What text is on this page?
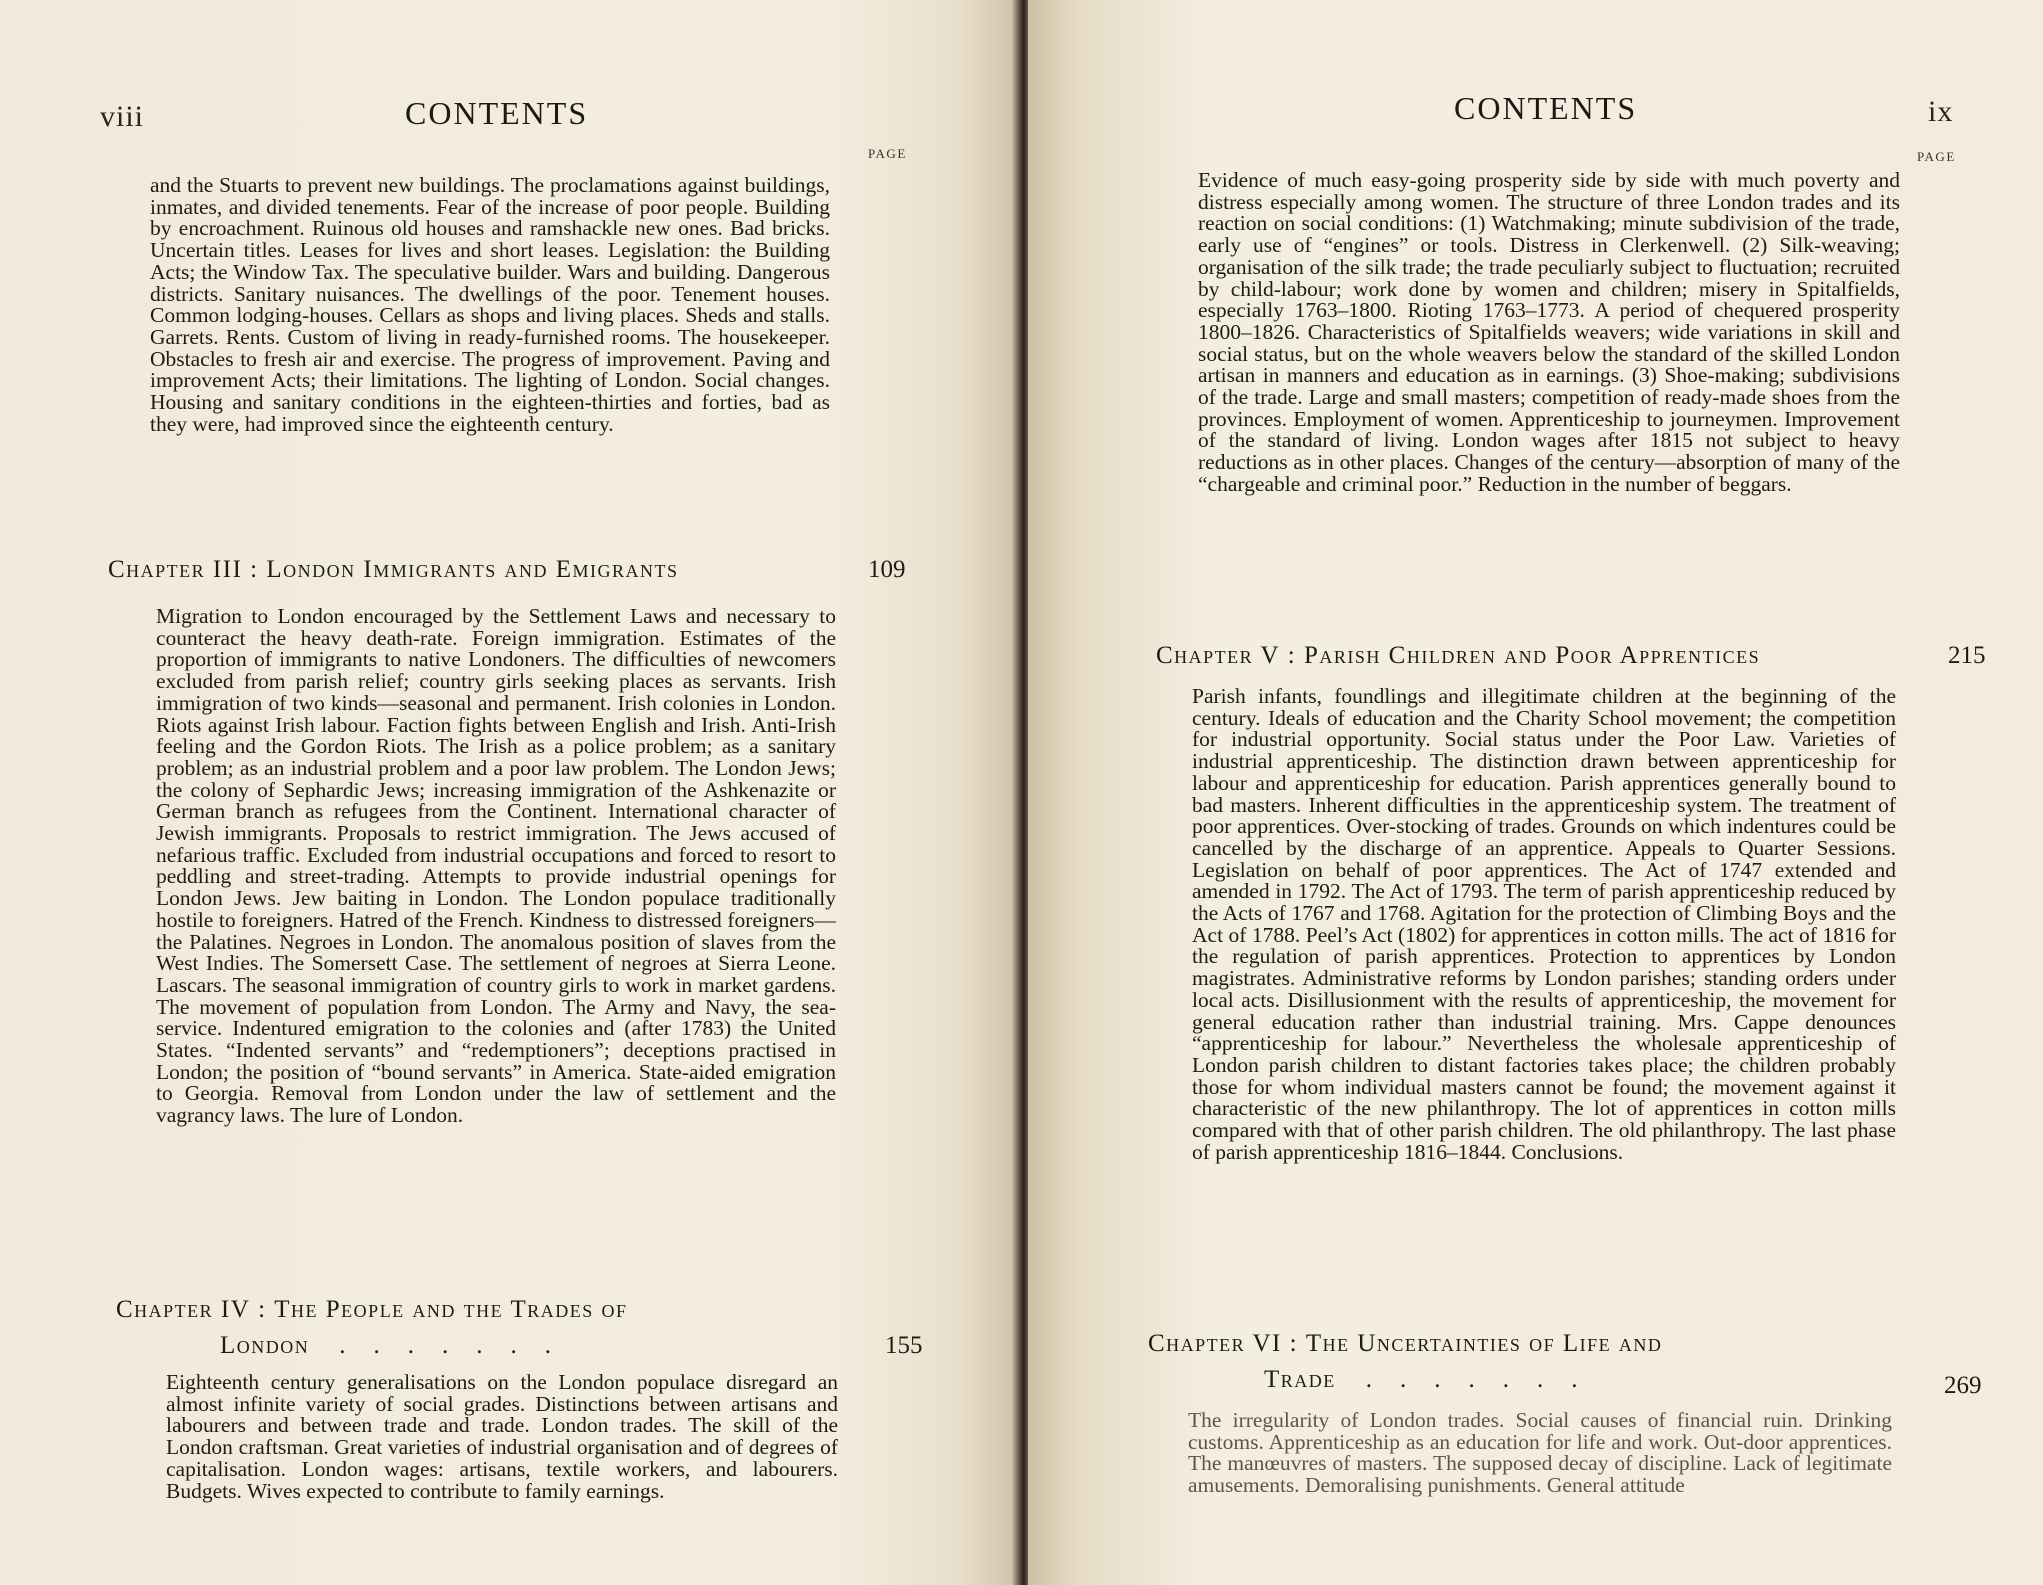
viii	CONTENTS
PAGE

and the Stuarts to prevent new buildings. The proclamations against buildings, inmates, and divided tenements. Fear of the increase of poor people. Building by encroachment. Ruinous old houses and ramshackle new ones. Bad bricks. Uncertain titles. Leases for lives and short leases. Legislation: the Building Acts; the Window Tax. The speculative builder. Wars and building. Dangerous districts. Sanitary nuisances. The dwellings of the poor. Tenement houses. Common lodging-houses. Cellars as shops and living places. Sheds and stalls. Garrets. Rents. Custom of living in ready-furnished rooms. The housekeeper. Obstacles to fresh air and exercise. The progress of improvement. Paving and improvement Acts; their limitations. The lighting of London. Social changes. Housing and sanitary conditions in the eighteen-thirties and forties, bad as they were, had improved since the eighteenth century.

Chapter III : London Immigrants and Emigrants	109

Migration to London encouraged by the Settlement Laws and necessary to counteract the heavy death-rate. Foreign immigration. Estimates of the proportion of immigrants to native Londoners. The difficulties of newcomers excluded from parish relief; country girls seeking places as servants. Irish immigration of two kinds—seasonal and permanent. Irish colonies in London. Riots against Irish labour. Faction fights between English and Irish. Anti-Irish feeling and the Gordon Riots. The Irish as a police problem; as a sanitary problem; as an industrial problem and a poor law problem. The London Jews; the colony of Sephardic Jews; increasing immigration of the Ashkenazite or German branch as refugees from the Continent. International character of Jewish immigrants. Proposals to restrict immigration. The Jews accused of nefarious traffic. Excluded from industrial occupations and forced to resort to peddling and street-trading. Attempts to provide industrial openings for London Jews. Jew baiting in London. The London populace traditionally hostile to foreigners. Hatred of the French. Kindness to distressed foreigners—the Palatines. Negroes in London. The anomalous position of slaves from the West Indies. The Somersett Case. The settlement of negroes at Sierra Leone. Lascars. The seasonal immigration of country girls to work in market gardens. The movement of population from London. The Army and Navy, the sea-service. Indentured emigration to the colonies and (after 1783) the United States. “Indented servants” and “redemptioners”; deceptions practised in London; the position of “bound servants” in America. State-aided emigration to Georgia. Removal from London under the law of settlement and the vagrancy laws. The lure of London.

Chapter IV : The People and the Trades of
London .......	155

Eighteenth century generalisations on the London populace disregard an almost infinite variety of social grades. Distinctions between artisans and labourers and between trade and trade. London trades. The skill of the London craftsman. Great varieties of industrial organisation and of degrees of capitalisation. London wages: artisans, textile workers, and labourers. Budgets. Wives expected to contribute to family earnings.

CONTENTS	ix
PAGE

Evidence of much easy-going prosperity side by side with much poverty and distress especially among women. The structure of three London trades and its reaction on social conditions: (1) Watchmaking; minute subdivision of the trade, early use of “engines” or tools. Distress in Clerkenwell. (2) Silk-weaving; organisation of the silk trade; the trade peculiarly subject to fluctuation; recruited by child-labour; work done by women and children; misery in Spitalfields, especially 1763–1800. Rioting 1763–1773. A period of chequered prosperity 1800–1826. Characteristics of Spitalfields weavers; wide variations in skill and social status, but on the whole weavers below the standard of the skilled London artisan in manners and education as in earnings. (3) Shoe-making; subdivisions of the trade. Large and small masters; competition of ready-made shoes from the provinces. Employment of women. Apprenticeship to journeymen. Improvement of the standard of living. London wages after 1815 not subject to heavy reductions as in other places. Changes of the century—absorption of many of the “chargeable and criminal poor.” Reduction in the number of beggars.

Chapter V : Parish Children and Poor Apprentices	215

Parish infants, foundlings and illegitimate children at the beginning of the century. Ideals of education and the Charity School movement; the competition for industrial opportunity. Social status under the Poor Law. Varieties of industrial apprenticeship. The distinction drawn between apprenticeship for labour and apprenticeship for education. Parish apprentices generally bound to bad masters. Inherent difficulties in the apprenticeship system. The treatment of poor apprentices. Over-stocking of trades. Grounds on which indentures could be cancelled by the discharge of an apprentice. Appeals to Quarter Sessions. Legislation on behalf of poor apprentices. The Act of 1747 extended and amended in 1792. The Act of 1793. The term of parish apprenticeship reduced by the Acts of 1767 and 1768. Agitation for the protection of Climbing Boys and the Act of 1788. Peel’s Act (1802) for apprentices in cotton mills. The act of 1816 for the regulation of parish apprentices. Protection to apprentices by London magistrates. Administrative reforms by London parishes; standing orders under local acts. Disillusionment with the results of apprenticeship, the movement for general education rather than industrial training. Mrs. Cappe denounces “apprenticeship for labour.” Nevertheless the wholesale apprenticeship of London parish children to distant factories takes place; the children probably those for whom individual masters cannot be found; the movement against it characteristic of the new philanthropy. The lot of apprentices in cotton mills compared with that of other parish children. The old philanthropy. The last phase of parish apprenticeship 1816–1844. Conclusions.

Chapter VI : The Uncertainties of Life and
Trade .......	269

The irregularity of London trades. Social causes of financial ruin. Drinking customs. Apprenticeship as an education for life and work. Out-door apprentices. The manœuvres of masters. The supposed decay of discipline. Lack of legitimate amusements. Demoralising punishments. General attitude
